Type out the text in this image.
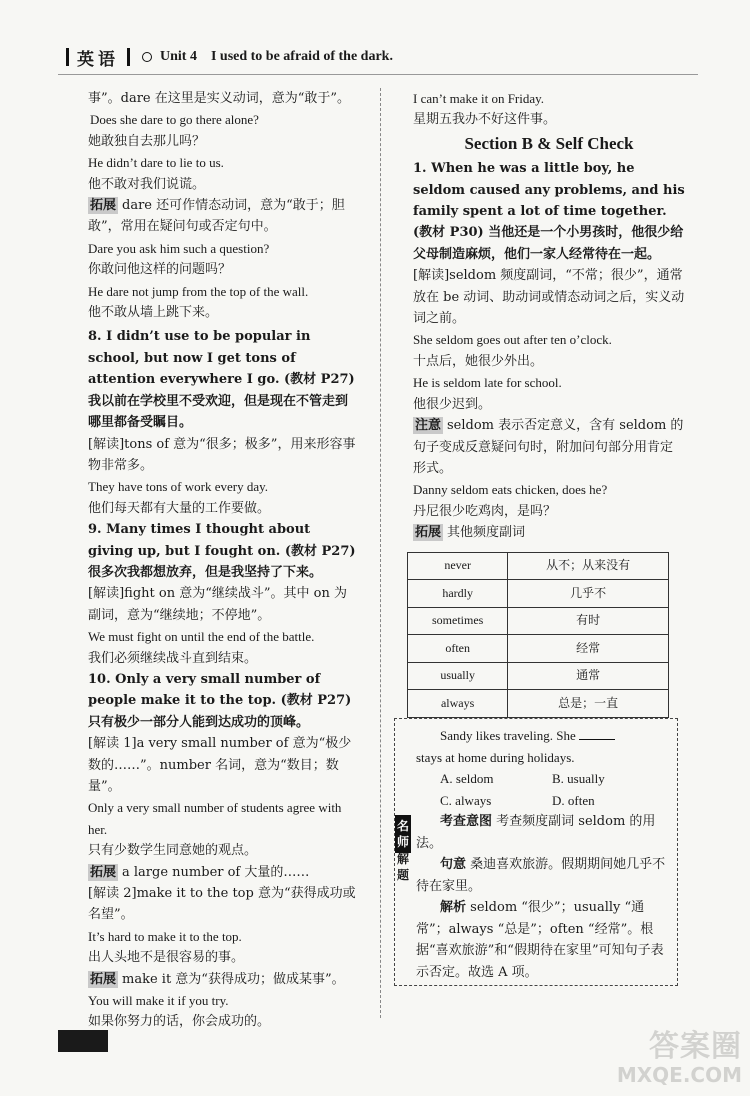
英语	Unit 4 I used to be afraid of the dark.

事”。dare 在这里是实义动词，意为“敢于”。

Does she dare to go there alone?

她敢独自去那儿吗？

He didn’t dare to lie to us.

他不敢对我们说谎。

拓展 dare 还可作情态动词，意为“敢于；胆敢”，常用在疑问句或否定句中。

Dare you ask him such a question?

你敢问他这样的问题吗？

He dare not jump from the top of the wall.

他不敢从墙上跳下来。

8. I didn’t use to be popular in school, but now I get tons of attention everywhere I go. (教材 P27) 我以前在学校里不受欢迎，但是现在不管走到哪里都备受瞩目。

[解读]tons of 意为“很多；极多”，用来形容事物非常多。

They have tons of work every day.

他们每天都有大量的工作要做。

9. Many times I thought about giving up, but I fought on. (教材 P27) 很多次我都想放弃，但是我坚持了下来。

[解读]fight on 意为“继续战斗”。其中 on 为副词，意为“继续地；不停地”。

We must fight on until the end of the battle.

我们必须继续战斗直到结束。

10. Only a very small number of people make it to the top. (教材 P27) 只有极少一部分人能到达成功的顶峰。

[解读 1]a very small number of 意为“极少数的……”。number 名词，意为“数目；数量”。

Only a very small number of students agree with her.

只有少数学生同意她的观点。

拓展 a large number of 大量的……

[解读 2]make it to the top 意为“获得成功或名望”。

It’s hard to make it to the top.

出人头地不是很容易的事。

拓展 make it 意为“获得成功；做成某事”。

You will make it if you try.

如果你努力的话，你会成功的。

I can’t make it on Friday.

星期五我办不好这件事。

Section B & Self Check

1. When he was a little boy, he seldom caused any problems, and his family spent a lot of time together. (教材 P30) 当他还是一个小男孩时，他很少给父母制造麻烦，他们一家人经常待在一起。

[解读]seldom 频度副词，“不常；很少”，通常放在 be 动词、助动词或情态动词之后，实义动词之前。

She seldom goes out after ten o’clock.

十点后，她很少外出。

He is seldom late for school.

他很少迟到。

注意 seldom 表示否定意义，含有 seldom 的句子变成反意疑问句时，附加问句部分用肯定形式。

Danny seldom eats chicken, does he?

丹尼很少吃鸡肉，是吗？

拓展 其他频度副词

never	从不；从来没有
hardly	几乎不
sometimes	有时
often	经常
usually	通常
always	总是；一直
名师
解题

Sandy likes traveling. She

stays at home during holidays.

A. seldom	B. usually
C. always	D. often

考查意图 考查频度副词 seldom 的用法。

句意 桑迪喜欢旅游。假期期间她几乎不待在家里。

解析 seldom “很少”；usually “通常”；always “总是”；often “经常”。根据“喜欢旅游”和“假期待在家里”可知句子表示否定。故选 A 项。

答案圈
MXQE.COM
